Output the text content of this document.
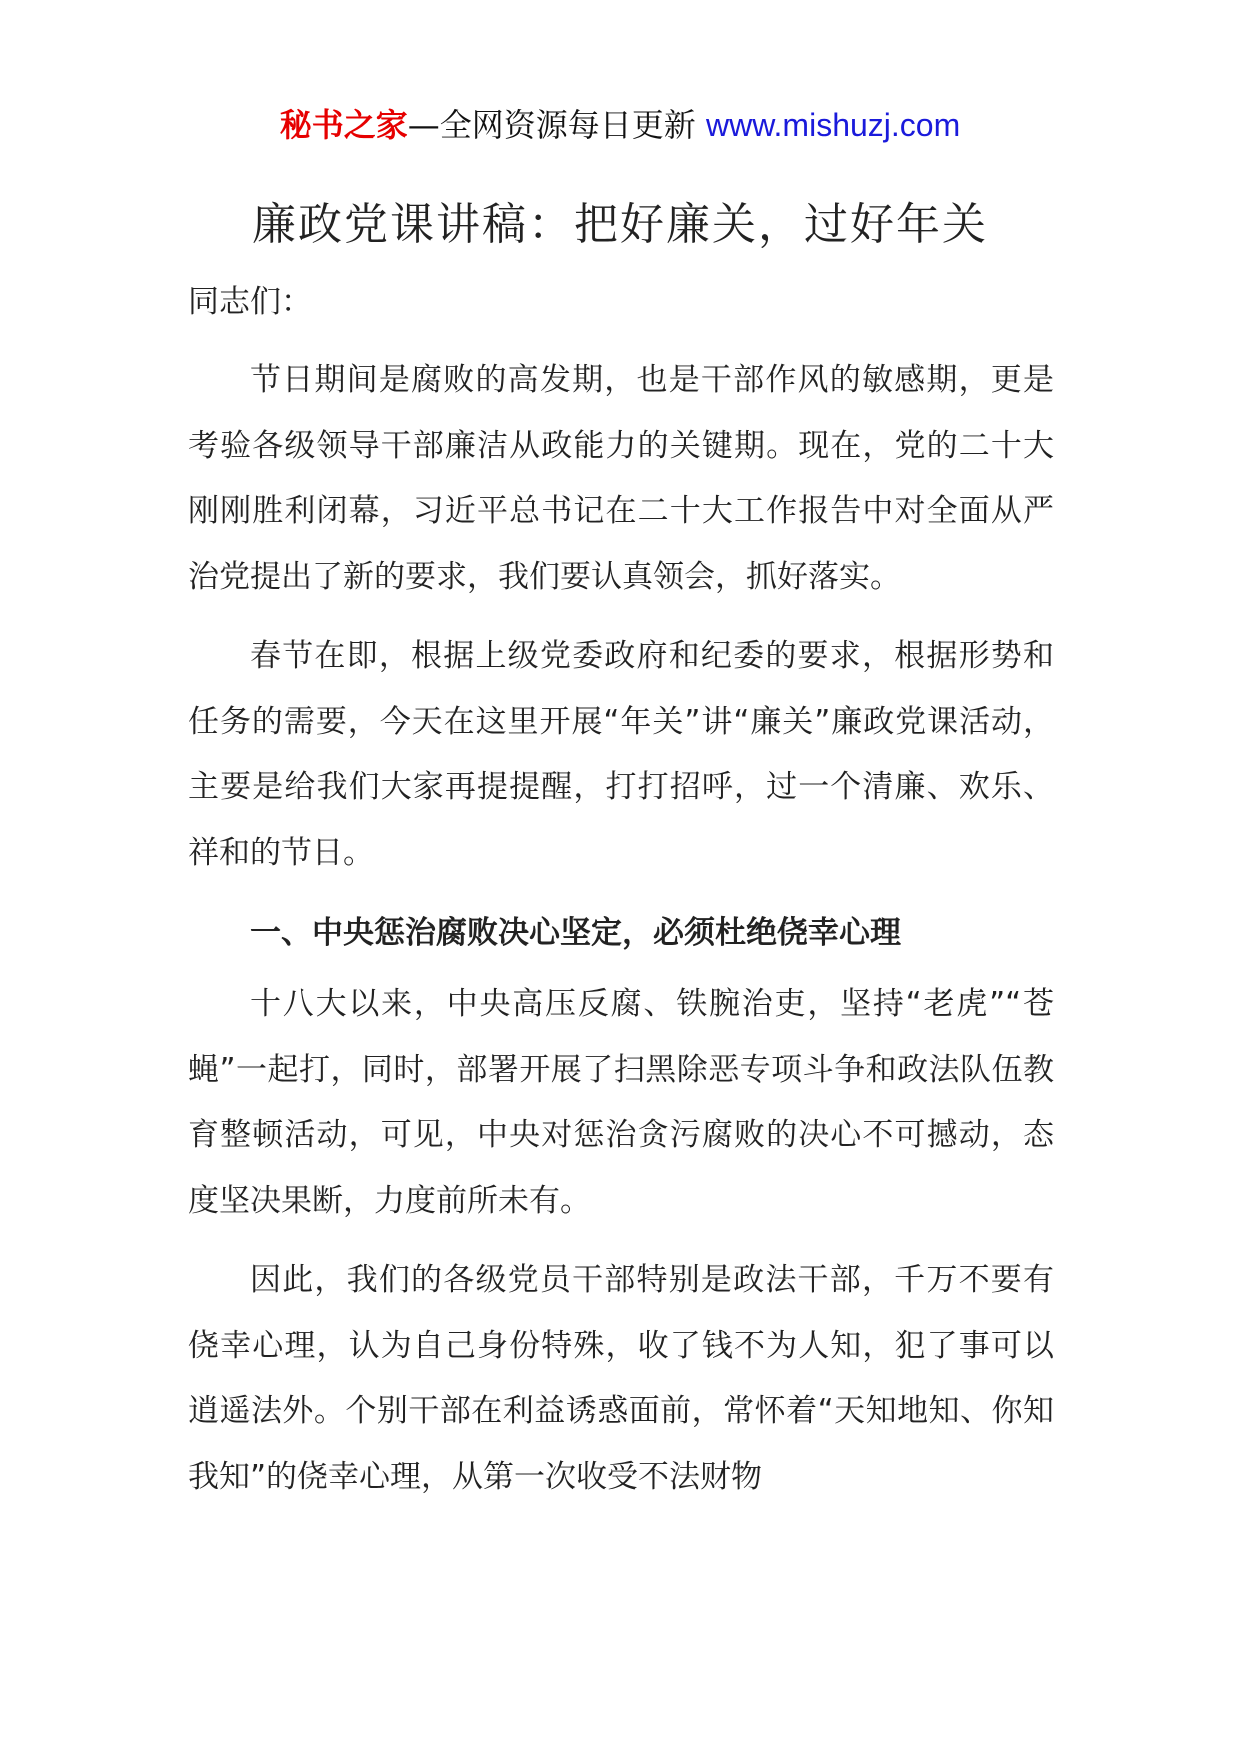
秘书之家—全网资源每日更新 www.mishuzj.com
廉政党课讲稿：把好廉关，过好年关
同志们：

节日期间是腐败的高发期，也是干部作风的敏感期，更是考验各级领导干部廉洁从政能力的关键期。现在，党的二十大刚刚胜利闭幕，习近平总书记在二十大工作报告中对全面从严治党提出了新的要求，我们要认真领会，抓好落实。

春节在即，根据上级党委政府和纪委的要求，根据形势和任务的需要，今天在这里开展“年关”讲“廉关”廉政党课活动，主要是给我们大家再提提醒，打打招呼，过一个清廉、欢乐、祥和的节日。

一、中央惩治腐败决心坚定，必须杜绝侥幸心理

十八大以来，中央高压反腐、铁腕治吏，坚持“老虎”“苍蝇”一起打，同时，部署开展了扫黑除恶专项斗争和政法队伍教育整顿活动，可见，中央对惩治贪污腐败的决心不可撼动，态度坚决果断，力度前所未有。

因此，我们的各级党员干部特别是政法干部，千万不要有侥幸心理，认为自己身份特殊，收了钱不为人知，犯了事可以逍遥法外。个别干部在利益诱惑面前，常怀着“天知地知、你知我知”的侥幸心理，从第一次收受不法财物
